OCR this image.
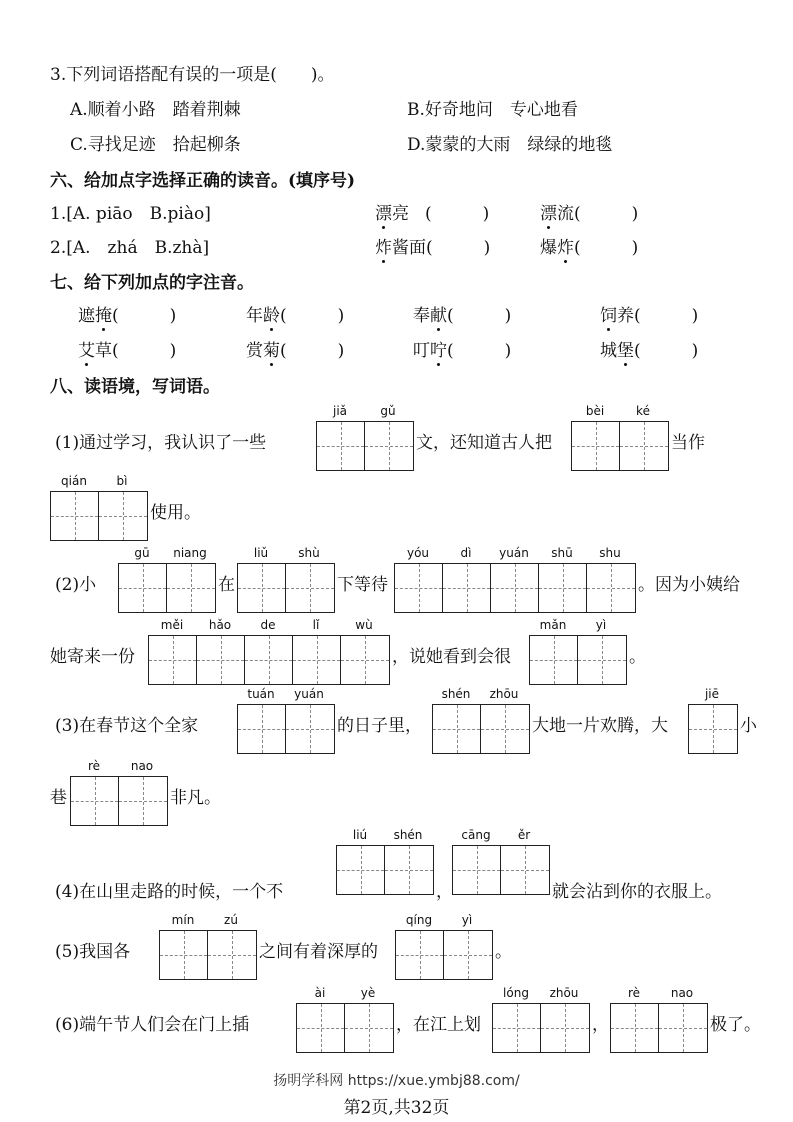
3.下列词语搭配有误的一项是(　　)。
A.顺着小路　踏着荆棘	B.好奇地问　专心地看
C.寻找足迹　拾起柳条	D.蒙蒙的大雨　绿绿的地毯
六、给加点字选择正确的读音。(填序号)
1.[A. piāo　B.piào]	漂亮 (　　　)	漂流(　　　)
2.[A.　zhá　B.zhà]	炸酱面(　　　)	爆炸(　　　)
七、给下列加点的字注音。
遮掩(　　　)	年龄(　　　)	奉献(　　　)	饲养(　　　)
艾草(　　　)	赏菊(　　　)	叮咛(　　　)	城堡(　　　)
八、读语境，写词语。
(1)通过学习，我认识了一些
jiǎ	gǔ
文，还知道古人把
bèi	ké
当作
qián	bì
使用。
(2)小
gū	niang
在
liǔ	shù
下等待
yóu	dì	yuán	shū	shu
。因为小姨给
她寄来一份
měi	hǎo	de	lǐ	wù
，说她看到会很
mǎn	yì
。
(3)在春节这个全家
tuán	yuán
的日子里，
shén	zhōu
大地一片欢腾，大
jiē
小
巷
rè	nao
非凡。
(4)在山里走路的时候，一个不
liú	shén
，
cāng	ěr
就会沾到你的衣服上。
(5)我国各
mín	zú
之间有着深厚的
qíng	yì
。
(6)端午节人们会在门上插
ài	yè
，在江上划
lóng	zhōu
，
rè	nao
极了。
扬明学科网 https://xue.ymbj88.com/
第2页,共32页
